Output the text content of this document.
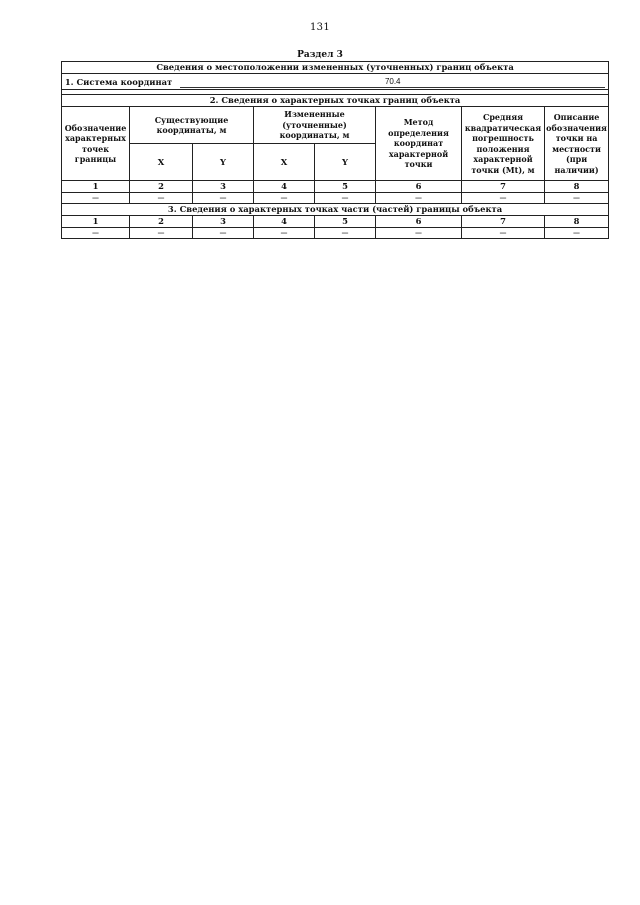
131
Раздел 3
Сведения о местоположении измененных (уточненных) границ объекта							
1. Система координат 70.4							

2. Сведения о характерных точках границ объекта							
Обозначение характерных точек границы	Существующие координаты, м		Измененные (уточненные) координаты, м		Метод определения координат характерной точки	Средняя квадратическая погрешность положения характерной точки (Mt), м	Описание обозначения точки на местности (при наличии)
	X	Y	X	Y			
1	2	3	4	5	6	7	8
—	—	—	—	—	—	—	—
3. Сведения о характерных точках части (частей) границы объекта							
1	2	3	4	5	6	7	8
—	—	—	—	—	—	—	—
